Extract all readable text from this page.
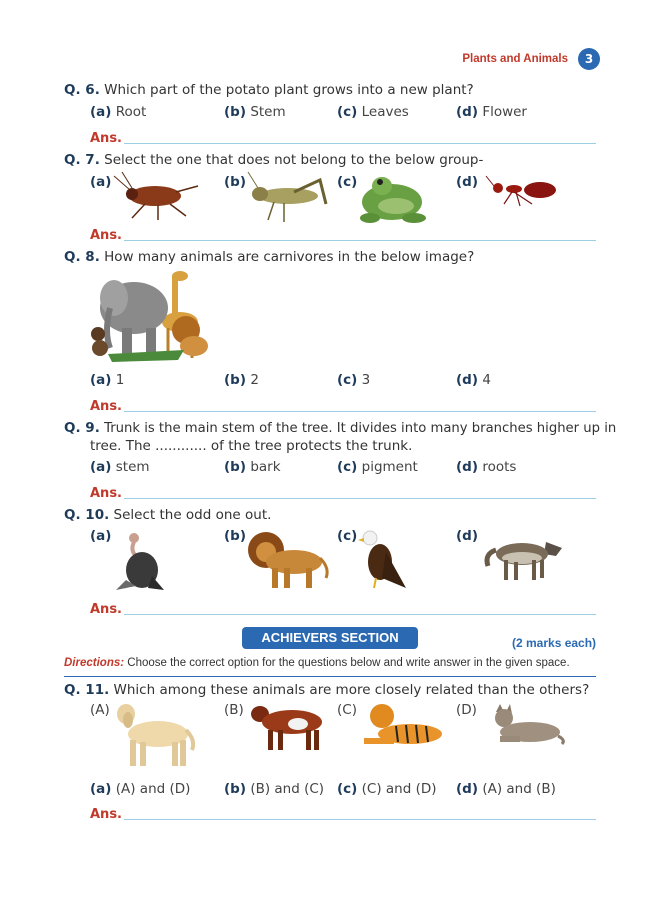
Plants and Animals	3
Q. 6. Which part of the potato plant grows into a new plant?
(a) Root	(b) Stem	(c) Leaves	(d) Flower
Ans.
Q. 7. Select the one that does not belong to the below group-
(a)	(b)	(c)	(d)
Ans.
Q. 8. How many animals are carnivores in the below image?
(a) 1	(b) 2	(c) 3	(d) 4
Ans.
Q. 9. Trunk is the main stem of the tree. It divides into many branches higher up in
tree. The ............ of the tree protects the trunk.
(a) stem	(b) bark	(c) pigment	(d) roots
Ans.
Q. 10. Select the odd one out.
(a)	(b)	(c)	(d)
Ans.
ACHIEVERS SECTION	(2 marks each)
Directions: Choose the correct option for the questions below and write answer in the given space.
Q. 11. Which among these animals are more closely related than the others?
(A)	(B)	(C)	(D)
(a) (A) and (D) (b) (B) and (C) (c) (C) and (D) (d) (A) and (B)
Ans.
